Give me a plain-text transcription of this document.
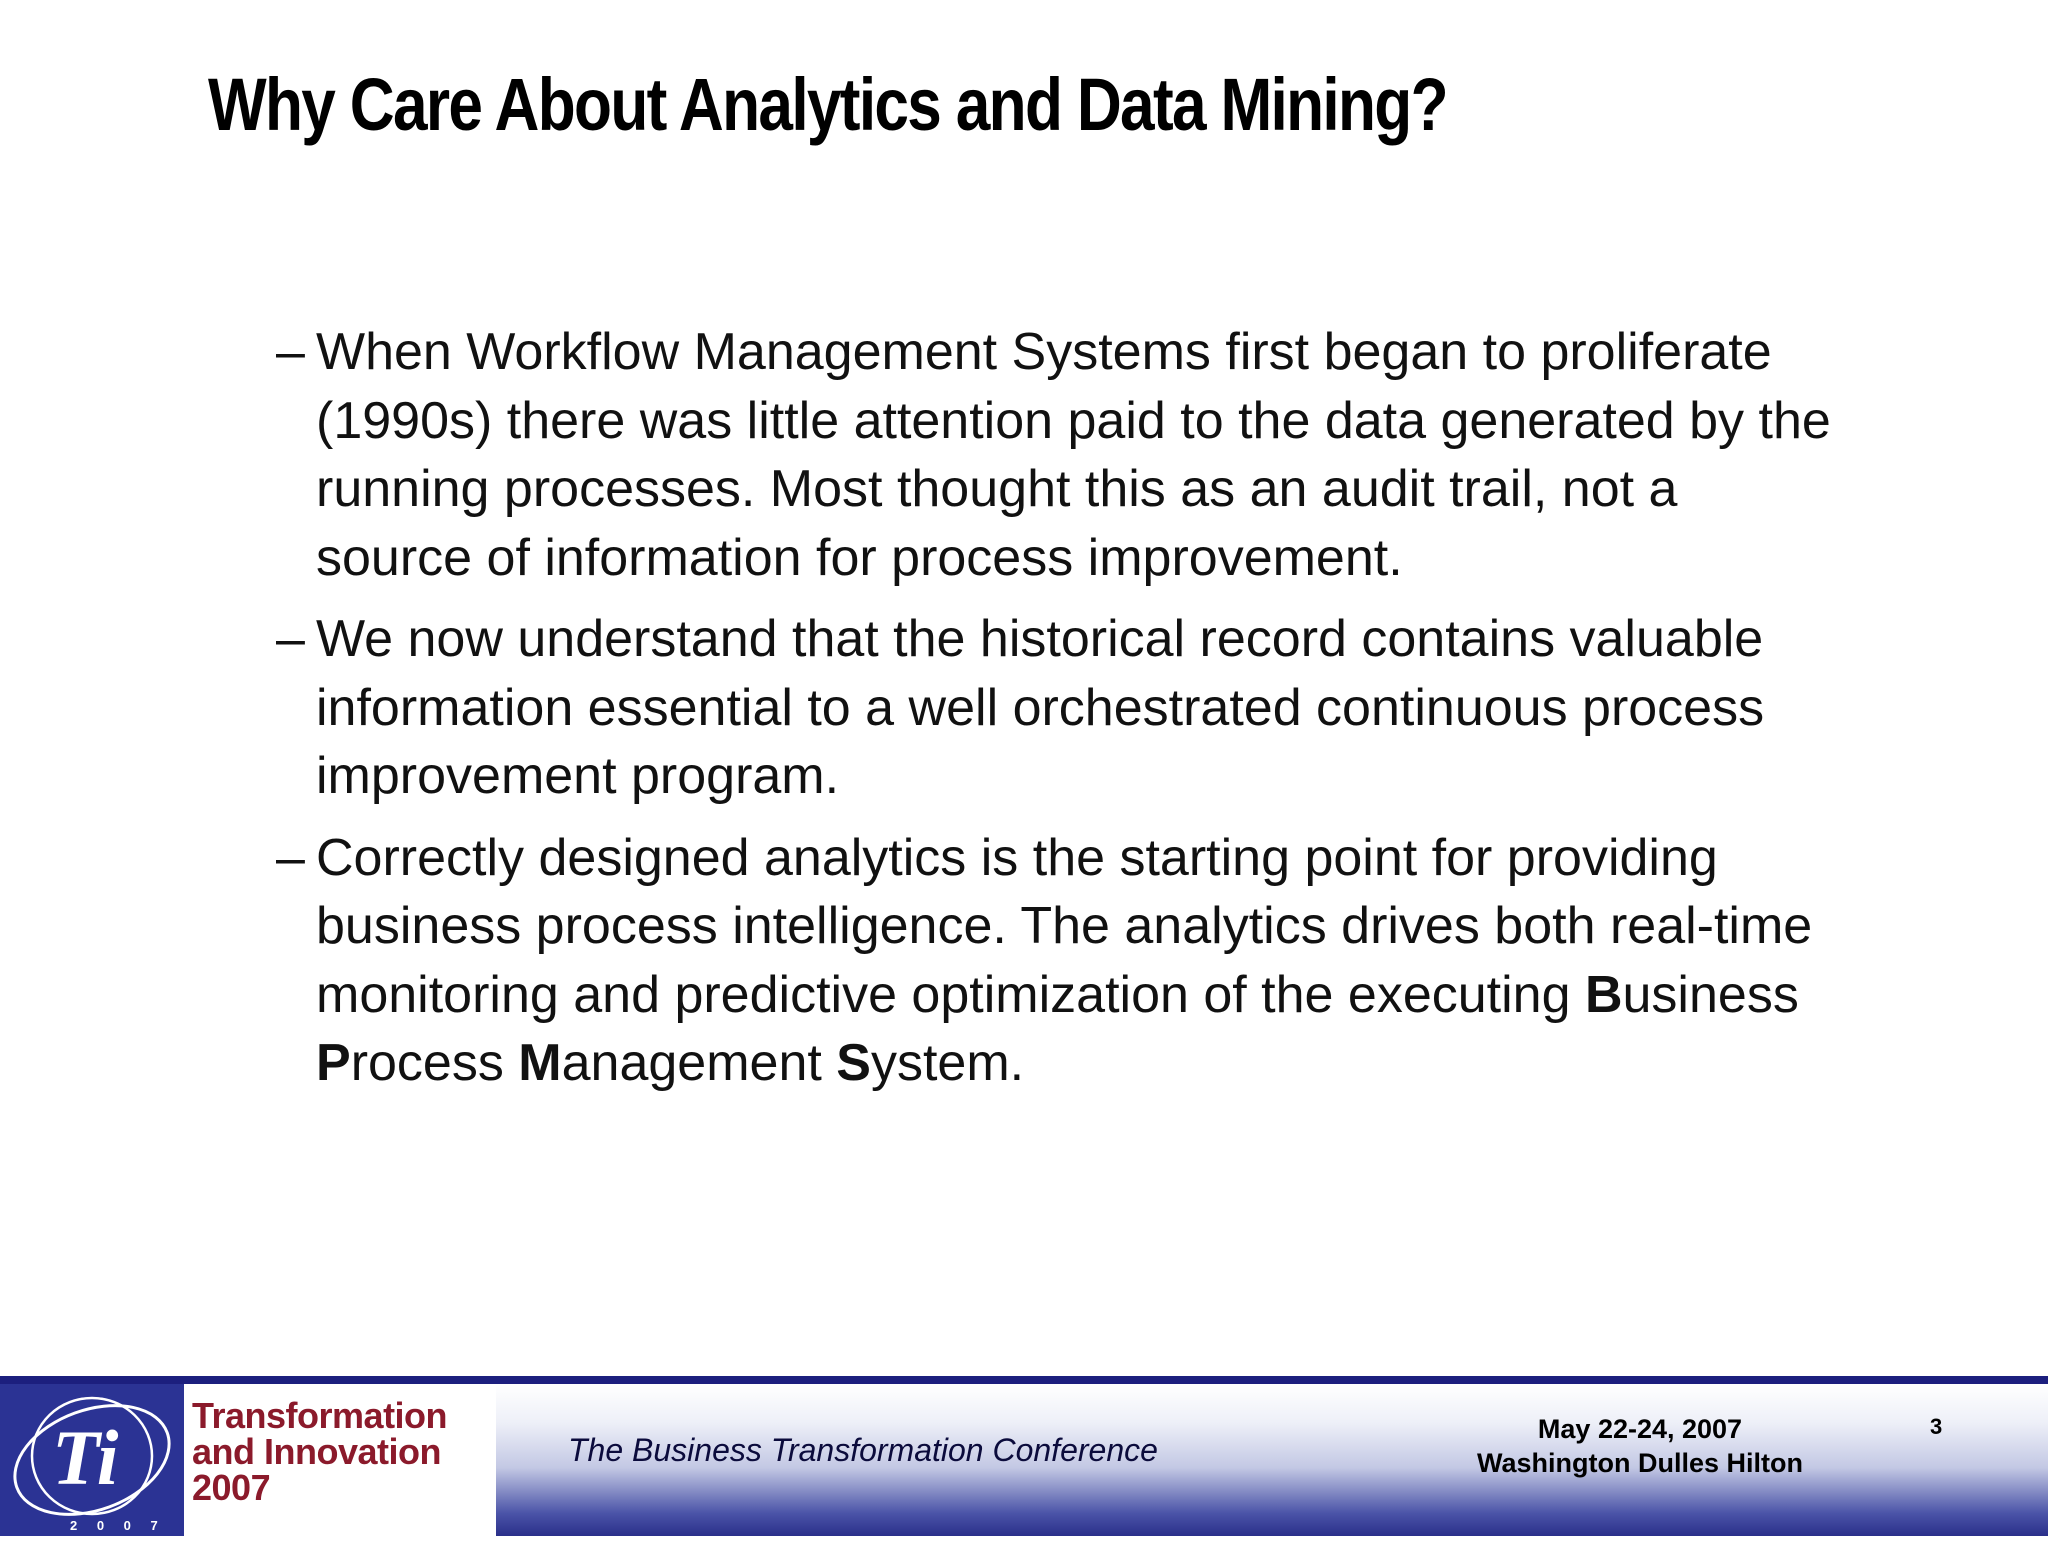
Why Care About Analytics and Data Mining?
– When Workflow Management Systems first began to proliferate (1990s) there was little attention paid to the data generated by the running processes. Most thought this as an audit trail, not a source of information for process improvement.
– We now understand that the historical record contains valuable information essential to a well orchestrated continuous process improvement program.
– Correctly designed analytics is the starting point for providing business process intelligence. The analytics drives both real-time monitoring and predictive optimization of the executing Business Process Management System.
Ti
2 0 0 7
Transformation
and Innovation
2007
The Business Transformation Conference
May 22-24, 2007
Washington Dulles Hilton
3
